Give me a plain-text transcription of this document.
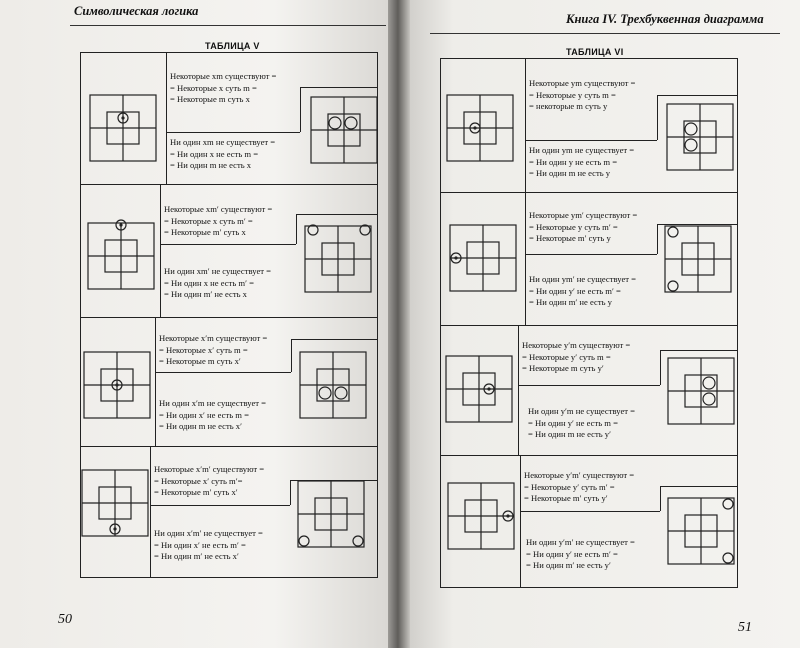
Символическая логика
ТАБЛИЦА V
Некоторые xm существуют =
= Некоторые x суть m =
= Некоторые m суть x
Ни один xm не существует =
= Ни один x не есть m =
= Ни один m не есть x
Некоторые xm′ существуют =
= Некоторые x суть m′ =
= Некоторые m′ суть x
Ни один xm′ не существует =
= Ни один x не есть m′ =
= Ни один m′ не есть x
Некоторые x′m существуют =
= Некоторые x′ суть m =
= Некоторые m суть x′
Ни один x′m не существует =
= Ни один x′ не есть m =
= Ни один m не есть x′
Некоторые x′m′ существуют =
= Некоторые x′ суть m′=
= Некоторые m′ суть x′
Ни один x′m′ не существует =
= Ни один x′ не есть m′ =
= Ни один m′ не есть x′
50
Книга IV. Трехбуквенная диаграмма
ТАБЛИЦА VI
Некоторые ym существуют =
= Некоторые y суть m =
= некоторые m суть y
Ни один ym не существует =
= Ни один y не есть m =
= Ни один m не есть y
Некоторые ym′ существуют =
= Некоторые y суть m′ =
= Некоторые m′ суть y
Ни один ym′ не существует =
= Ни один y′ не есть m′ =
= Ни один m′ не есть y
Некоторые y′m существуют =
= Некоторые y′ суть m =
= Некоторые m суть y′
Ни один y′m не существует =
= Ни один y′ не есть m =
= Ни один m не есть y′
Некоторые y′m′ существуют =
= Некоторые y′ суть m′ =
= Некоторые m′ суть y′
Ни один y′m′ не существует =
= Ни один y′ не есть m′ =
= Ни один m′ не есть y′
51
